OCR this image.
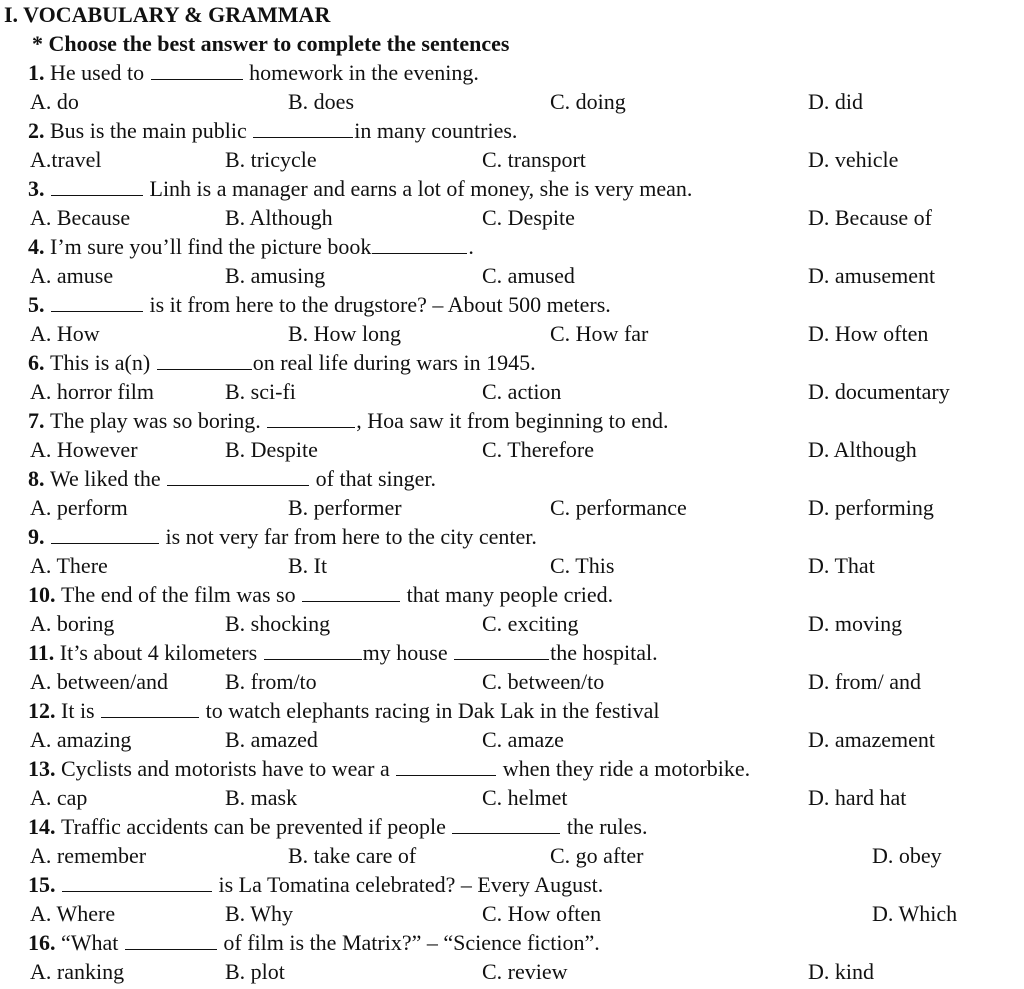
I. VOCABULARY & GRAMMAR
* Choose the best answer to complete the sentences
1. He used to	homework in the evening.
A. do	B. does	C. doing	D. did
2. Bus is the main public	in many countries.
A.travel	B. tricycle	C. transport	D. vehicle
3.	Linh is a manager and earns a lot of money, she is very mean.
A. Because	B. Although	C. Despite	D. Because of
4. I’m sure you’ll find the picture book	.
A. amuse	B. amusing	C. amused	D. amusement
5.	is it from here to the drugstore? – About 500 meters.
A. How	B. How long	C. How far	D. How often
6. This is a(n)	on real life during wars in 1945.
A. horror film	B. sci-fi	C. action	D. documentary
7. The play was so boring.	, Hoa saw it from beginning to end.
A. However	B. Despite	C. Therefore	D. Although
8. We liked the	of that singer.
A. perform	B. performer	C. performance	D. performing
9.	is not very far from here to the city center.
A. There	B. It	C. This	D. That
10. The end of the film was so	that many people cried.
A. boring	B. shocking	C. exciting	D. moving
11. It’s about 4 kilometers	my house	the hospital.
A. between/and	B. from/to	C. between/to	D. from/ and
12. It is	to watch elephants racing in Dak Lak in the festival
A. amazing	B. amazed	C. amaze	D. amazement
13. Cyclists and motorists have to wear a	when they ride a motorbike.
A. cap	B. mask	C. helmet	D. hard hat
14. Traffic accidents can be prevented if people	the rules.
A. remember	B. take care of	C. go after	D. obey
15.	is La Tomatina celebrated? – Every August.
A. Where	B. Why	C. How often	D. Which
16. “What	of film is the Matrix?” – “Science fiction”.
A. ranking	B. plot	C. review	D. kind
